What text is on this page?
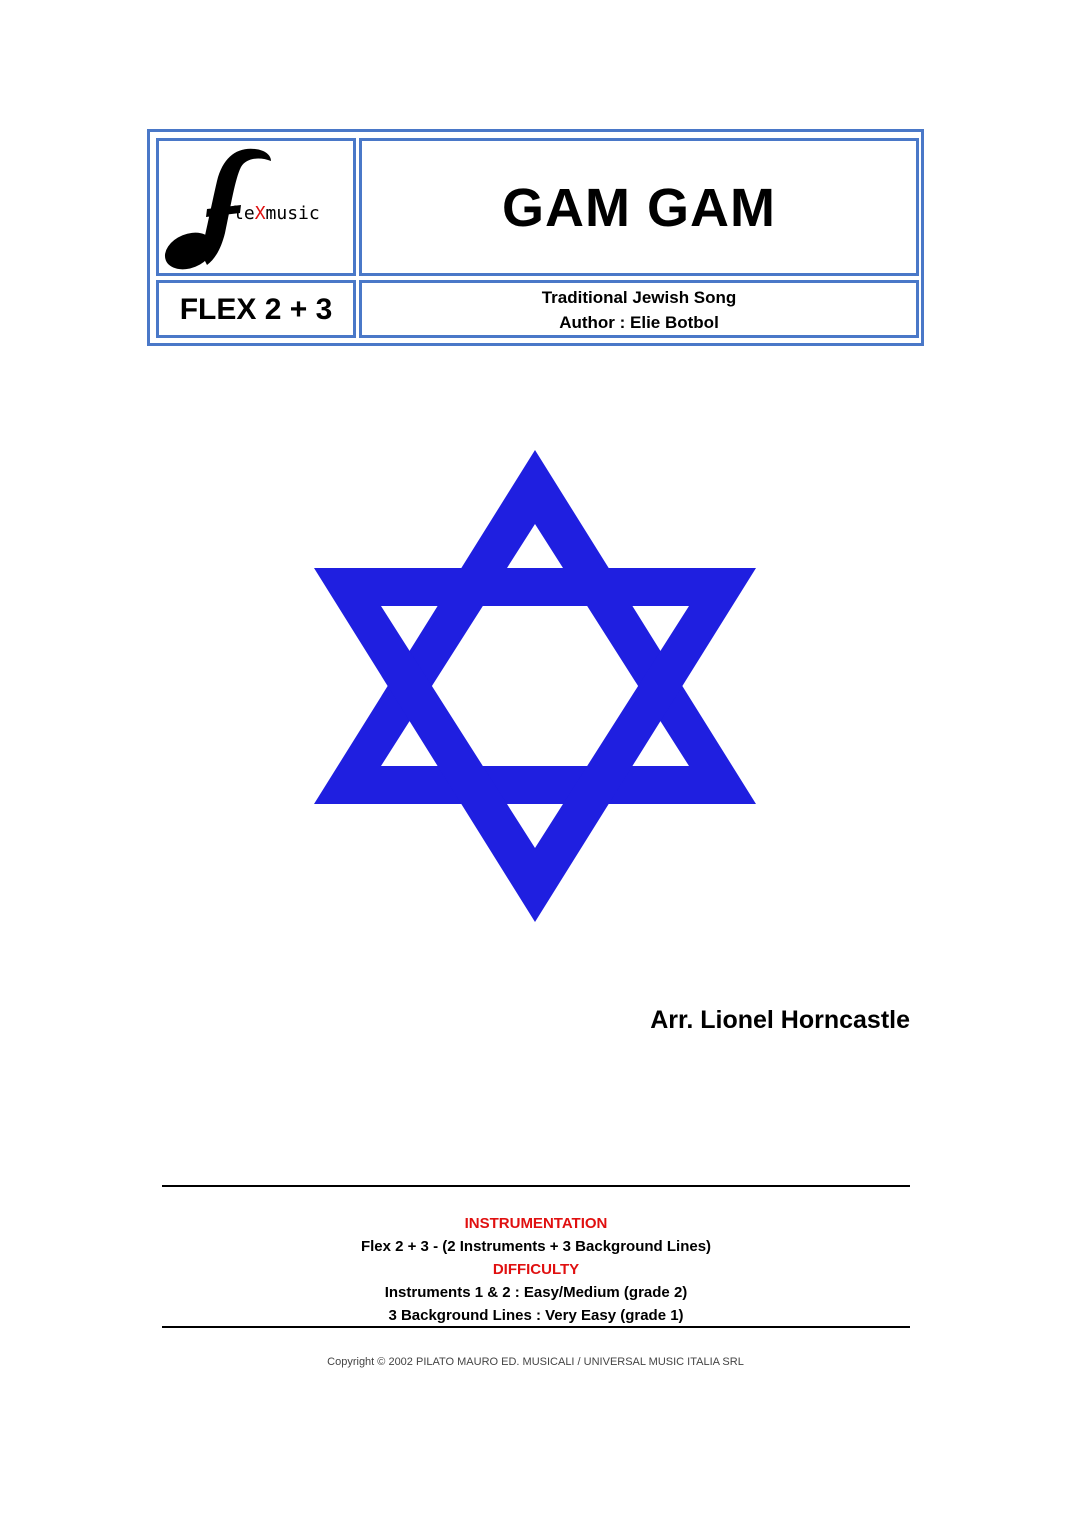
leXmusic	GAM GAM
FLEX 2 + 3	Traditional Jewish Song
Author : Elie Botbol
Arr. Lionel Horncastle
INSTRUMENTATION
Flex 2 + 3 - (2 Instruments + 3 Background Lines)
DIFFICULTY
Instruments 1 & 2 : Easy/Medium (grade 2)
3 Background Lines : Very Easy (grade 1)
Copyright © 2002 PILATO MAURO ED. MUSICALI / UNIVERSAL MUSIC ITALIA SRL
